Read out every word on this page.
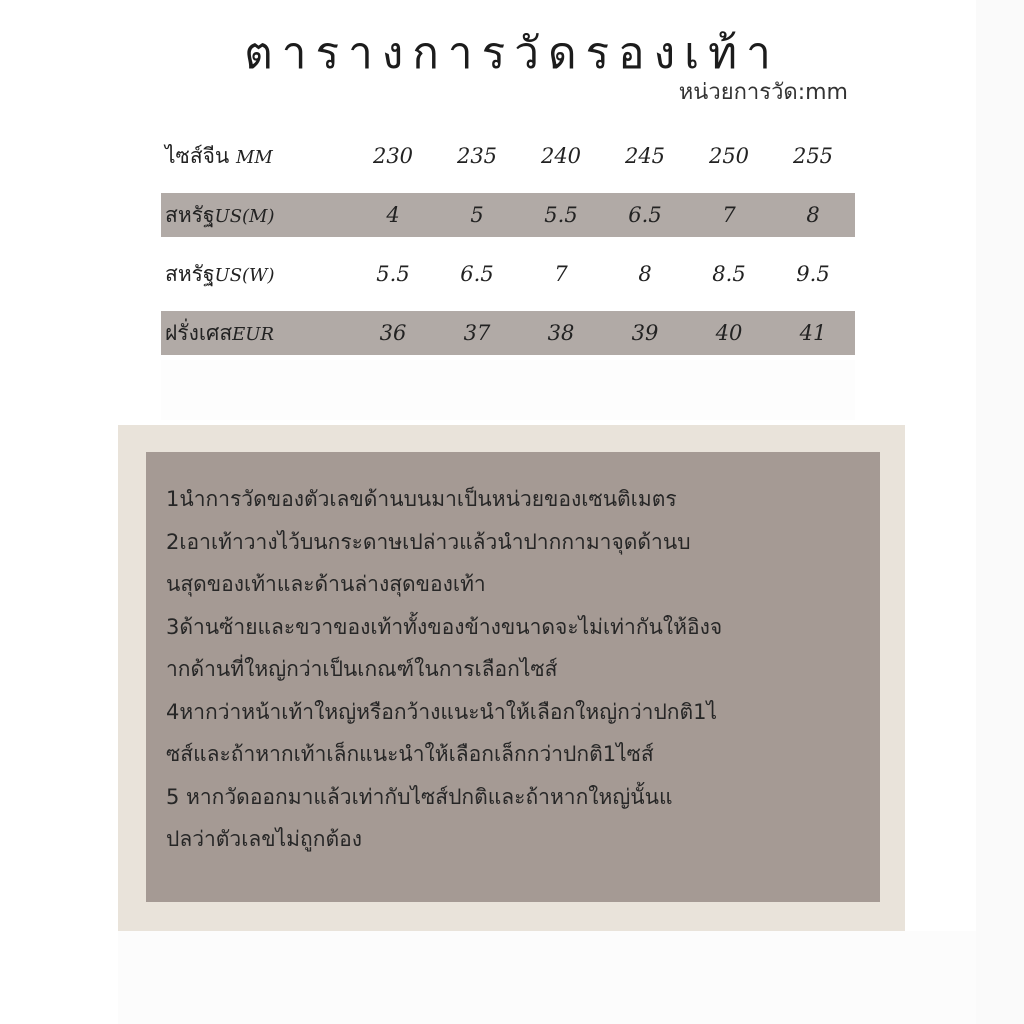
ตารางการวัดรองเท้า
หน่วยการวัด:mm
ไซส์จีน MM	230	235	240	245	250	255
สหรัฐUS(M)	4	5	5.5	6.5	7	8
สหรัฐUS(W)	5.5	6.5	7	8	8.5	9.5
ฝรั่งเศสEUR	36	37	38	39	40	41
1นำการวัดของตัวเลขด้านบนมาเป็นหน่วยของเซนติเมตร
2เอาเท้าวางไว้บนกระดาษเปล่าวแล้วนำปากกามาจุดด้านบ
นสุดของเท้าและด้านล่างสุดของเท้า
3ด้านซ้ายและขวาของเท้าทั้งของข้างขนาดจะไม่เท่ากันให้อิงจ
ากด้านที่ใหญ่กว่าเป็นเกณฑ์ในการเลือกไซส์
4หากว่าหน้าเท้าใหญ่หรือกว้างแนะนำให้เลือกใหญ่กว่าปกติ1ไ
ซส์และถ้าหากเท้าเล็กแนะนำให้เลือกเล็กกว่าปกติ1ไซส์
5 หากวัดออกมาแล้วเท่ากับไซส์ปกติและถ้าหากใหญ่นั้นแ
ปลว่าตัวเลขไม่ถูกต้อง
